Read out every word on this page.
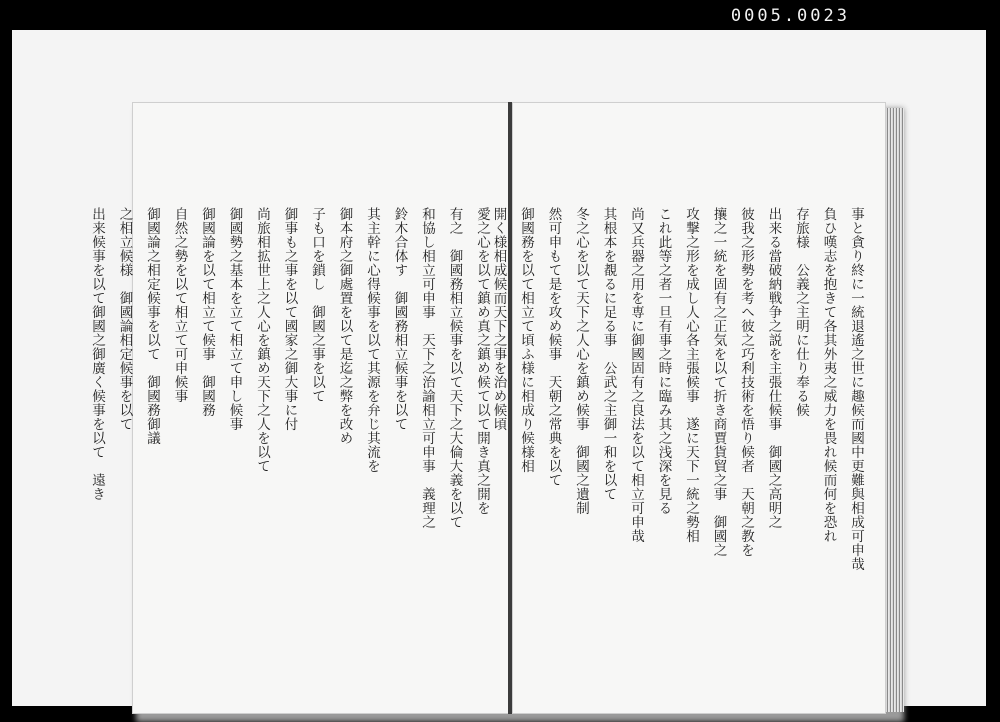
0005.0023
愛之心を以て鎮め真之鎮め候て以て開き真之開を
有之　御國務相立候事を以て天下之大倫大義を以て
和協し相立可申事　天下之治諭相立可申事　義理之
鈴木合体す　御國務相立候事を以て
其主幹に心得候事を以て其源を弁じ其流を
御本府之御處置を以て是迄之弊を改め
子も口を鎖し　御國之事を以て
御事も之事を以て國家之御大事に付
尚旅相拡世上之人心を鎮め天下之人を以て
御國勢之基本を立て相立て申し候事
御國論を以て相立て候事　御國務
自然之勢を以て相立て可申候事
御國論之相定候事を以て　御國務御議
之相立候様　御國論相定候事を以て
出来候事を以て御國之御廣く候事を以て　遠き	事と貪り終に一統退遙之世に趣候而國中更難與相成可申哉
負ひ嘆志を抱きて各其外夷之威力を畏れ候而何を恐れ
存旅様　公義之主明に仕り奉る候
出来る當破納戦争之説を主張仕候事　御國之高明之
彼我之形勢を考へ彼之巧利技術を悟り候者　天朝之教を
攘之一統を固有之正気を以て折き商賈貨貿之事　御國之
攻撃之形を成し人心各主張候事　遂に天下一統之勢相
これ此等之者一旦有事之時に臨み其之浅深を見る
尚又兵器之用を専に御國固有之良法を以て相立可申哉
其根本を覩るに足る事　公武之主御一和を以て
冬之心を以て天下之人心を鎮め候事　御國之遺制
然可申もて是を攻め候事　天朝之常典を以て
御國務を以て相立て頃ふ様に相成り候様相
開く様相成候而天下之事を治め候頃
